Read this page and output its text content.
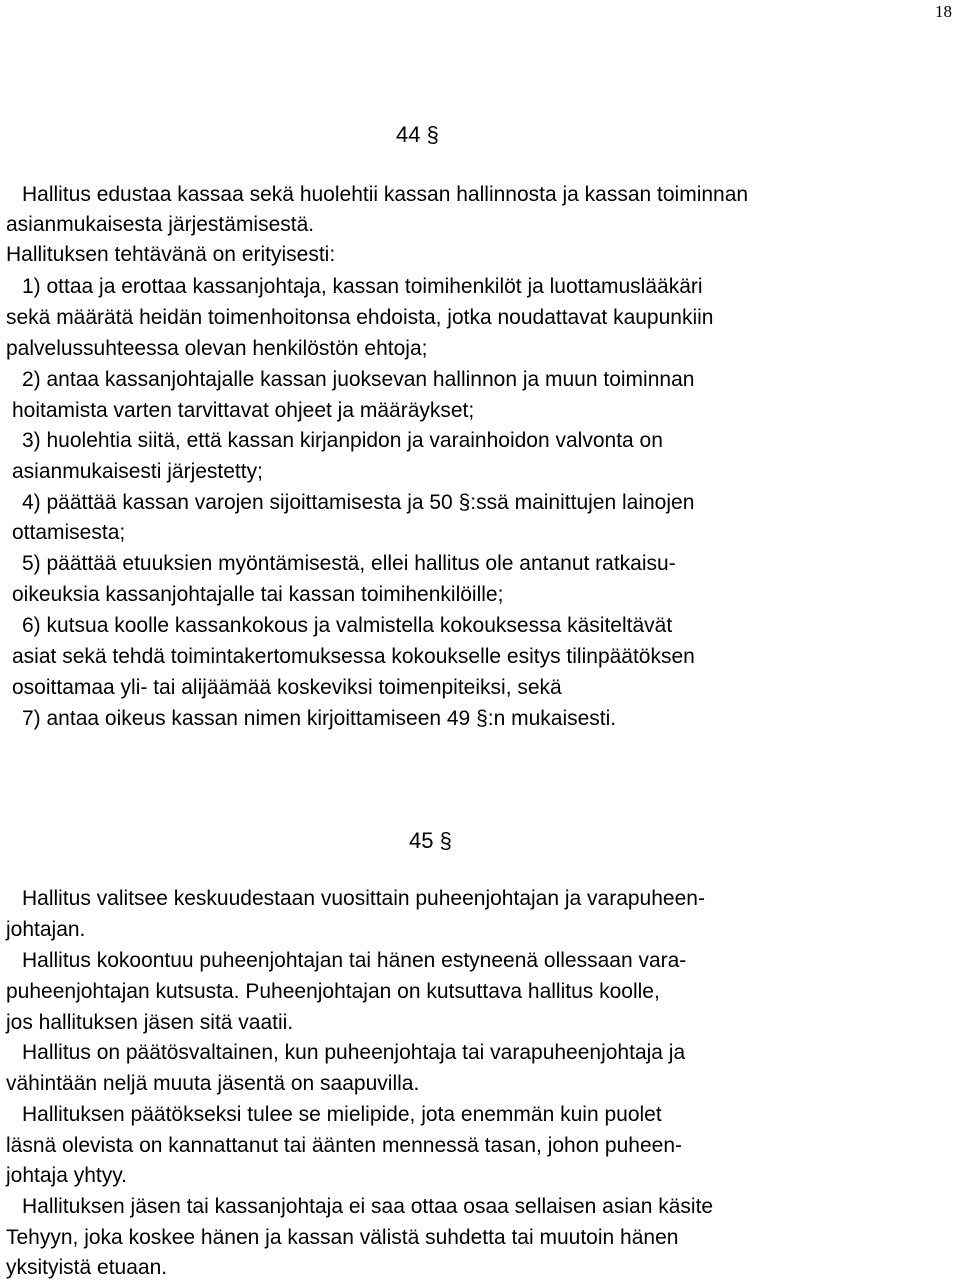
18
44 §
Hallitus edustaa kassaa sekä huolehtii kassan hallinnosta ja kassan toiminnan
asianmukaisesta järjestämisestä.
Hallituksen tehtävänä on erityisesti:
1) ottaa ja erottaa kassanjohtaja, kassan toimihenkilöt ja luottamuslääkäri
sekä määrätä heidän toimenhoitonsa ehdoista, jotka noudattavat kaupunkiin
palvelussuhteessa olevan henkilöstön ehtoja;
2) antaa kassanjohtajalle kassan juoksevan hallinnon ja muun toiminnan
hoitamista varten tarvittavat ohjeet ja määräykset;
3) huolehtia siitä, että kassan kirjanpidon ja varainhoidon valvonta on
asianmukaisesti järjestetty;
4) päättää kassan varojen sijoittamisesta ja 50 §:ssä mainittujen lainojen
ottamisesta;
5) päättää etuuksien myöntämisestä, ellei hallitus ole antanut ratkaisu-
oikeuksia kassanjohtajalle tai kassan toimihenkilöille;
6) kutsua koolle kassankokous ja valmistella kokouksessa käsiteltävät
asiat sekä tehdä toimintakertomuksessa kokoukselle esitys tilinpäätöksen
osoittamaa yli- tai alijäämää koskeviksi toimenpiteiksi, sekä
7) antaa oikeus kassan nimen kirjoittamiseen 49 §:n mukaisesti.
45 §
Hallitus valitsee keskuudestaan vuosittain puheenjohtajan ja varapuheen-
johtajan.
Hallitus kokoontuu puheenjohtajan tai hänen estyneenä ollessaan vara-
puheenjohtajan kutsusta. Puheenjohtajan on kutsuttava hallitus koolle,
jos hallituksen jäsen sitä vaatii.
Hallitus on päätösvaltainen, kun puheenjohtaja tai varapuheenjohtaja ja
vähintään neljä muuta jäsentä on saapuvilla.
Hallituksen päätökseksi tulee se mielipide, jota enemmän kuin puolet
läsnä olevista on kannattanut tai äänten mennessä tasan, johon puheen-
johtaja yhtyy.
Hallituksen jäsen tai kassanjohtaja ei saa ottaa osaa sellaisen asian käsite
Tehyyn, joka koskee hänen ja kassan välistä suhdetta tai muutoin hänen
yksityistä etuaan.
